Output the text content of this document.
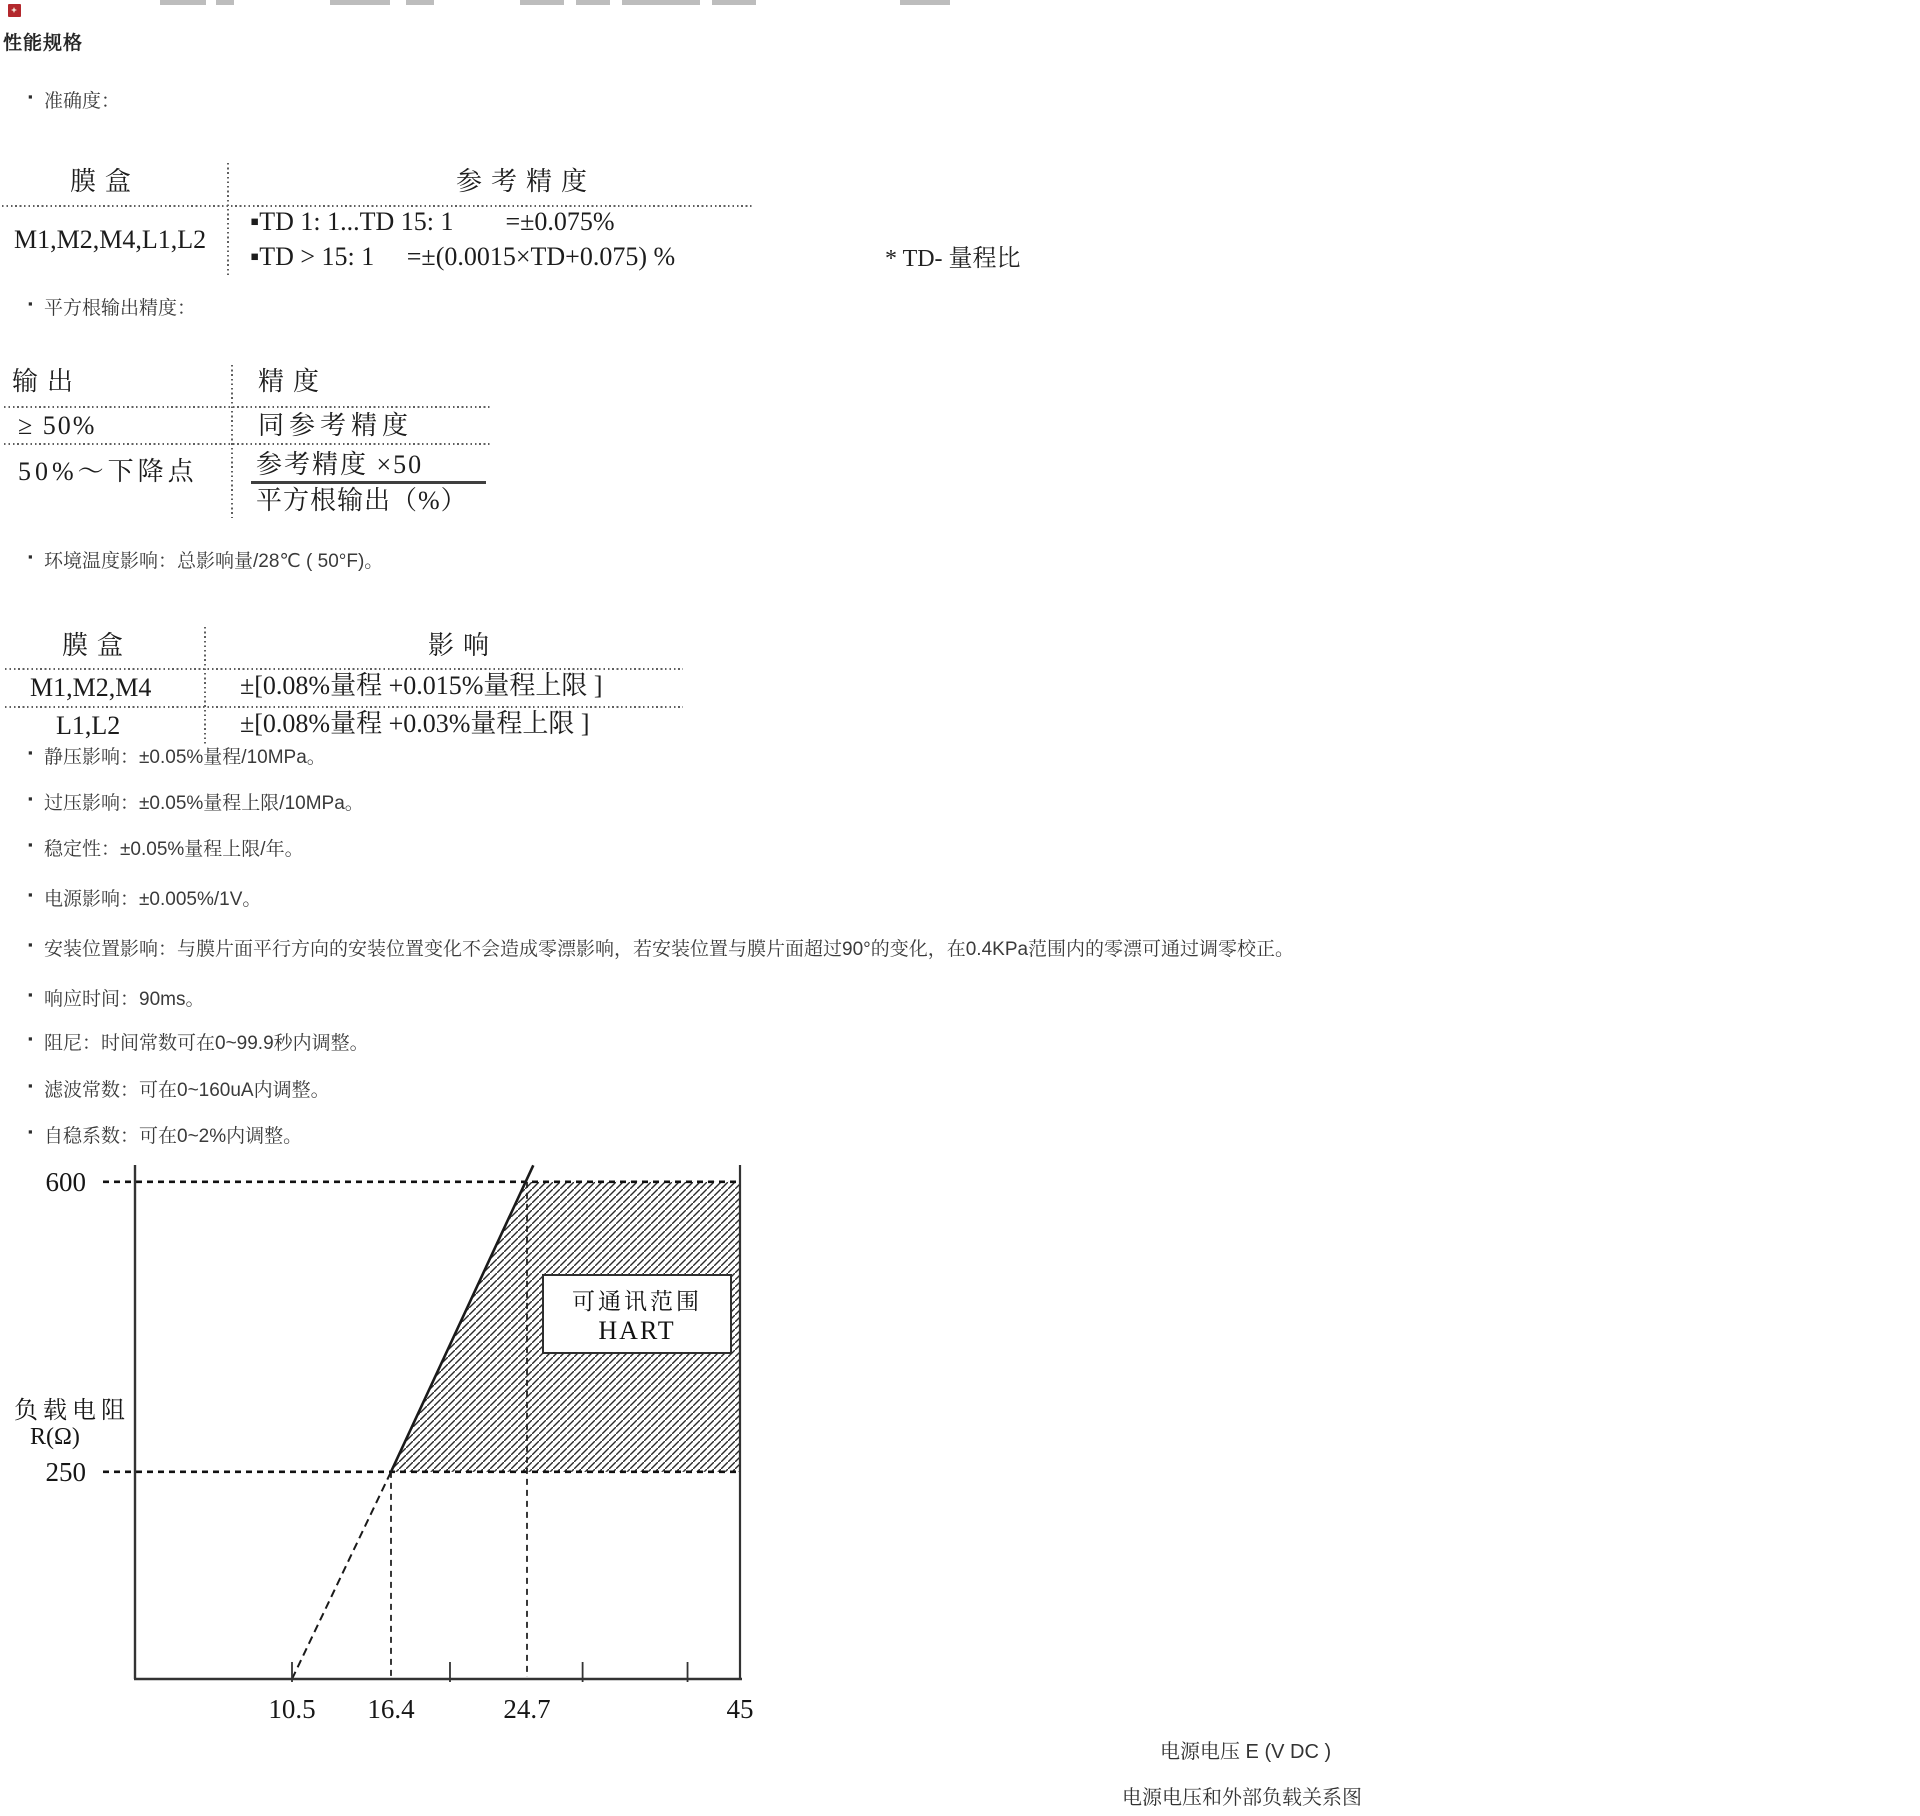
性能规格
▪ 准确度：
▪ 平方根输出精度：
▪ 环境温度影响：总影响量/28℃ ( 50°F)。
▪ 静压影响：±0.05%量程/10MPa。
▪ 过压影响：±0.05%量程上限/10MPa。
▪ 稳定性：±0.05%量程上限/年。
▪ 电源影响：±0.005%/1V。
▪ 安装位置影响：与膜片面平行方向的安装位置变化不会造成零漂影响，若安装位置与膜片面超过90°的变化，在0.4KPa范围内的零漂可通过调零校正。
▪ 响应时间：90ms。
▪ 阻尼：时间常数可在0~99.9秒内调整。
▪ 滤波常数：可在0~160uA内调整。
▪ 自稳系数：可在0~2%内调整。
膜盒	参考精度
M1,M2,M4,L1,L2
▪TD 1: 1...TD 15: 1        =±0.075%
▪TD > 15: 1     =±(0.0015×TD+0.075) %	* TD- 量程比
输出	精度
≥ 50%	同参考精度
50%～下降点 参考精度 ×50
平方根输出（%）
膜盒	影响
M1,M2,M4	±[0.08%量程 +0.015%量程上限 ]
L1,L2	±[0.08%量程 +0.03%量程上限 ]
10.5 16.4	24.7	45
250
600
负载电阻
R(Ω)
可通讯范围
HART
电源电压 E (V DC )
电源电压和外部负载关系图
